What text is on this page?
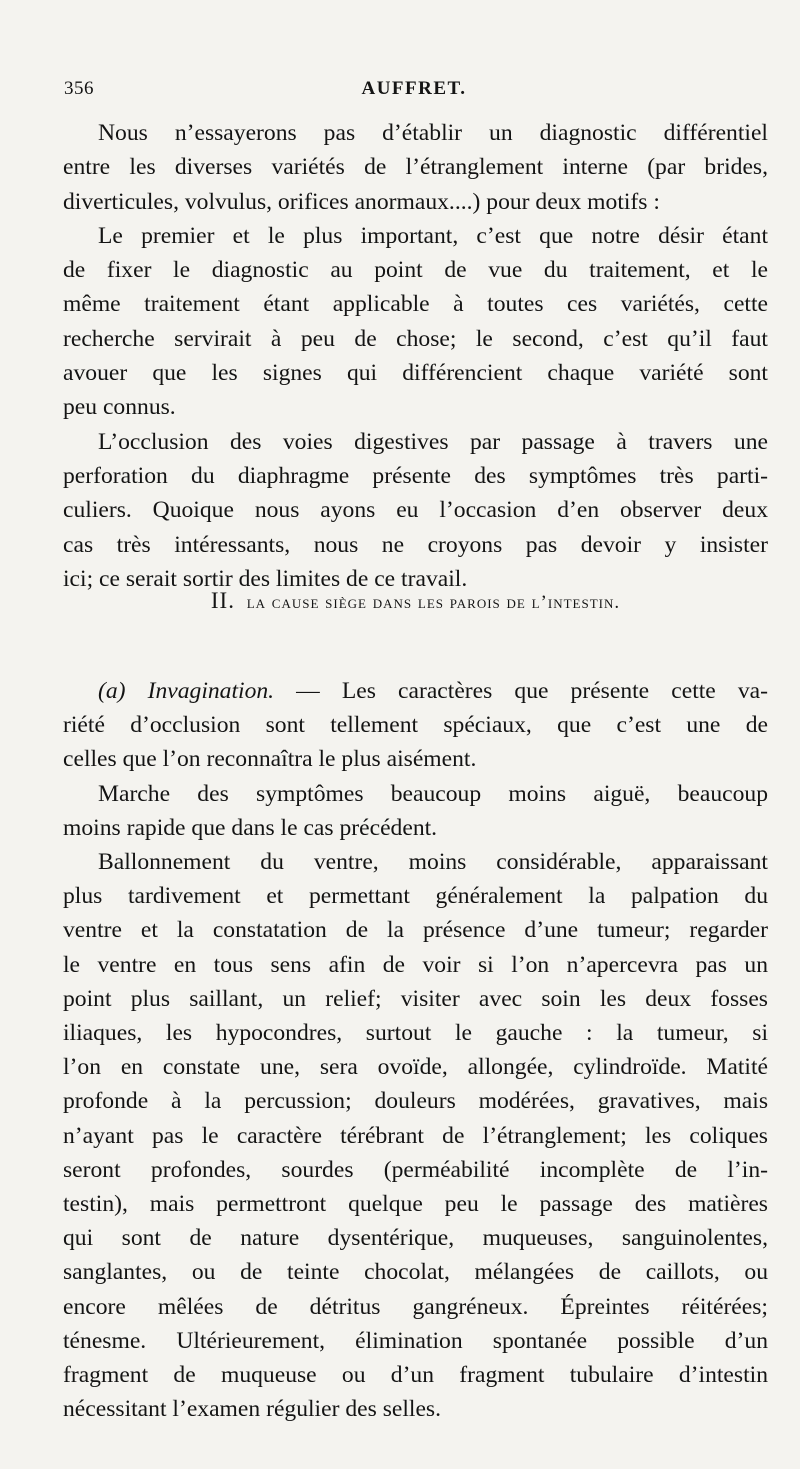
356	AUFFRET.
Nous n’essayerons pas d’établir un diagnostic différentiel
entre les diverses variétés de l’étranglement interne (par brides,
diverticules, volvulus, orifices anormaux....) pour deux motifs :
Le premier et le plus important, c’est que notre désir étant
de fixer le diagnostic au point de vue du traitement, et le
même traitement étant applicable à toutes ces variétés, cette
recherche servirait à peu de chose; le second, c’est qu’il faut
avouer que les signes qui différencient chaque variété sont
peu connus.
L’occlusion des voies digestives par passage à travers une
perforation du diaphragme présente des symptômes très parti-
culiers. Quoique nous ayons eu l’occasion d’en observer deux
cas très intéressants, nous ne croyons pas devoir y insister
ici; ce serait sortir des limites de ce travail.
II. la cause siège dans les parois de l’intestin.
(a) Invagination. — Les caractères que présente cette va-
riété d’occlusion sont tellement spéciaux, que c’est une de
celles que l’on reconnaîtra le plus aisément.
Marche des symptômes beaucoup moins aiguë, beaucoup
moins rapide que dans le cas précédent.
Ballonnement du ventre, moins considérable, apparaissant
plus tardivement et permettant généralement la palpation du
ventre et la constatation de la présence d’une tumeur; regarder
le ventre en tous sens afin de voir si l’on n’apercevra pas un
point plus saillant, un relief; visiter avec soin les deux fosses
iliaques, les hypocondres, surtout le gauche : la tumeur, si
l’on en constate une, sera ovoïde, allongée, cylindroïde. Matité
profonde à la percussion; douleurs modérées, gravatives, mais
n’ayant pas le caractère térébrant de l’étranglement; les coliques
seront profondes, sourdes (perméabilité incomplète de l’in-
testin), mais permettront quelque peu le passage des matières
qui sont de nature dysentérique, muqueuses, sanguinolentes,
sanglantes, ou de teinte chocolat, mélangées de caillots, ou
encore mêlées de détritus gangréneux. Épreintes réitérées;
ténesme. Ultérieurement, élimination spontanée possible d’un
fragment de muqueuse ou d’un fragment tubulaire d’intestin
nécessitant l’examen régulier des selles.
